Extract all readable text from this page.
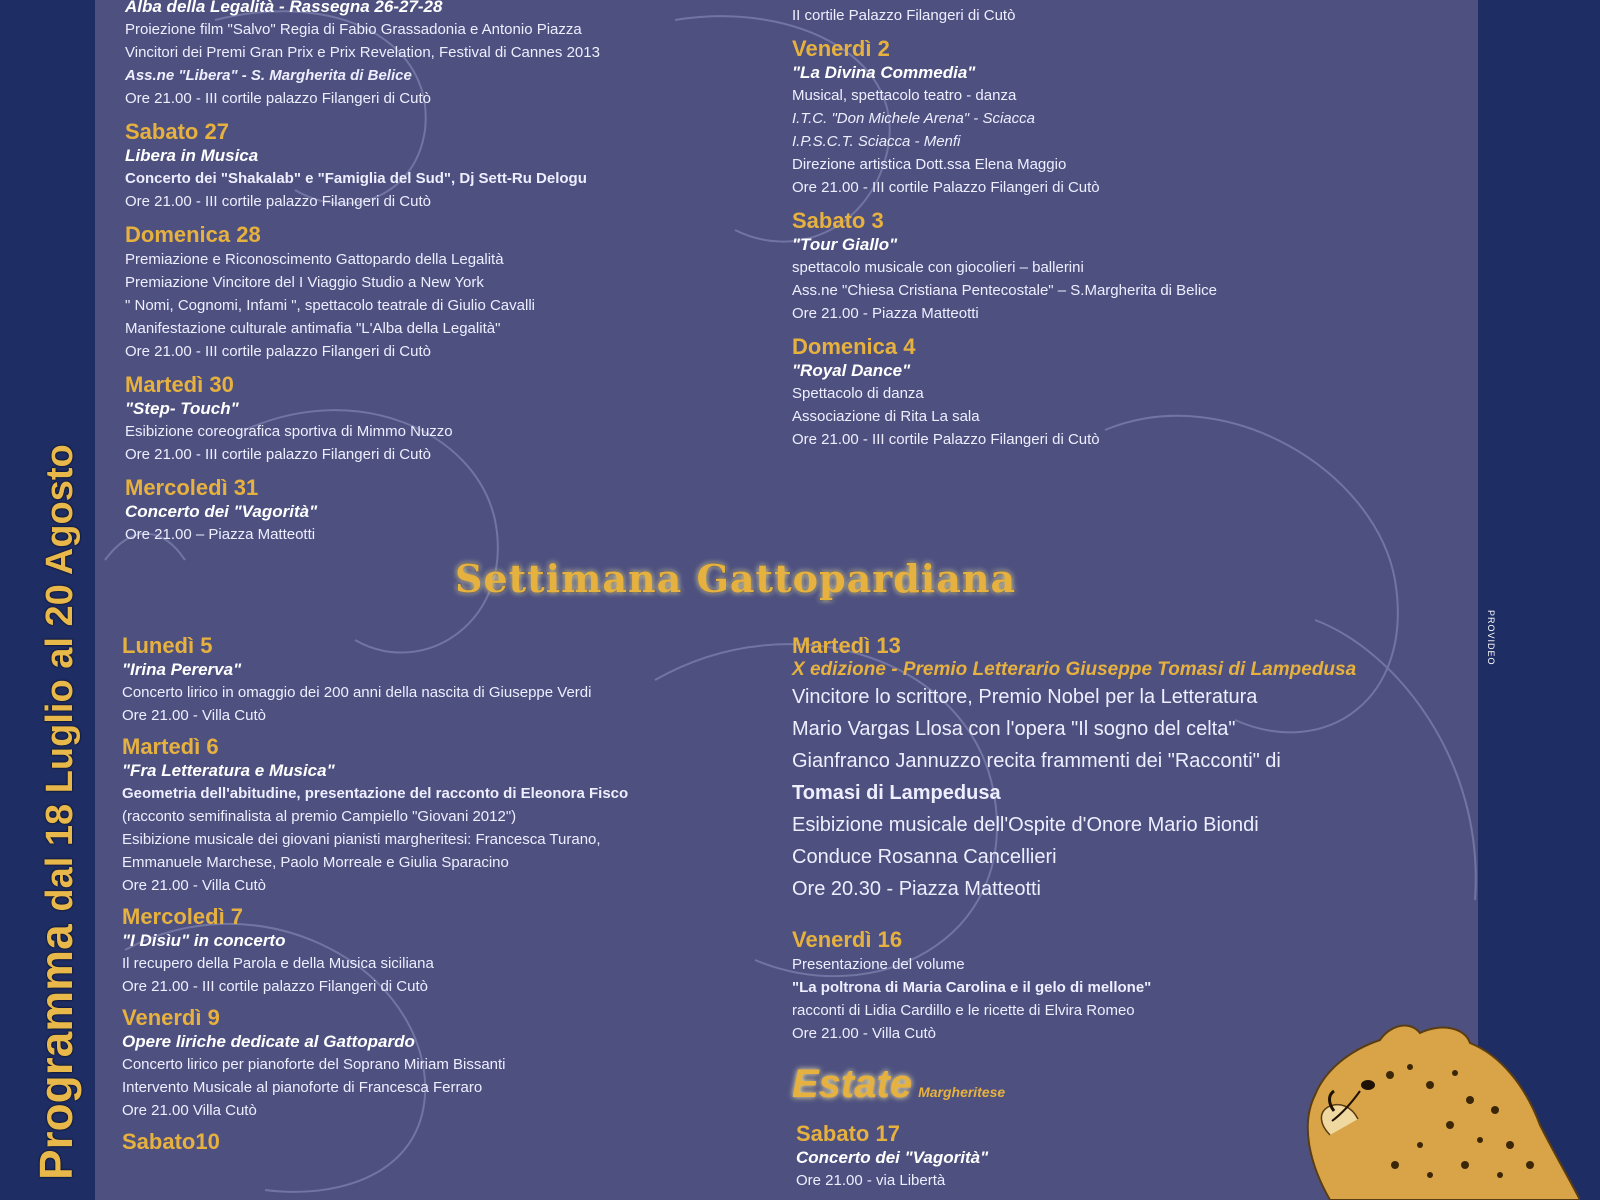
Programma dal 18 Luglio al 20 Agosto
Alba della Legalità - Rassegna 26-27-28
Proiezione film "Salvo" Regia di Fabio Grassadonia e Antonio Piazza
Vincitori dei Premi Gran Prix e Prix Revelation, Festival di Cannes 2013
Ass.ne "Libera" - S. Margherita di Belice
Ore 21.00 - III cortile palazzo Filangeri di Cutò
Sabato 27
Libera in Musica
Concerto dei "Shakalab" e "Famiglia del Sud", Dj Sett-Ru Delogu
Ore 21.00 - III cortile palazzo Filangeri di Cutò
Domenica 28
Premiazione e Riconoscimento Gattopardo della Legalità
Premiazione Vincitore del I Viaggio Studio a New York
" Nomi, Cognomi, Infami ", spettacolo teatrale di Giulio Cavalli
Manifestazione culturale antimafia "L'Alba della Legalità"
Ore 21.00 - III cortile palazzo Filangeri di Cutò
Martedì 30
"Step- Touch"
Esibizione coreografica sportiva di Mimmo Nuzzo
Ore 21.00 - III cortile palazzo Filangeri di Cutò
Mercoledì 31
Concerto dei "Vagorità"
Ore 21.00 – Piazza Matteotti
II cortile Palazzo Filangeri di Cutò
Venerdì 2
"La Divina Commedia"
Musical, spettacolo teatro - danza
I.T.C. "Don Michele Arena" - Sciacca
I.P.S.C.T. Sciacca - Menfi
Direzione artistica Dott.ssa Elena Maggio
Ore 21.00 - III cortile Palazzo Filangeri di Cutò
Sabato 3
"Tour Giallo"
spettacolo musicale con giocolieri – ballerini
Ass.ne "Chiesa Cristiana Pentecostale" – S.Margherita di Belice
Ore 21.00 - Piazza Matteotti
Domenica 4
"Royal Dance"
Spettacolo di danza
Associazione di Rita La sala
Ore 21.00 - III cortile Palazzo Filangeri di Cutò
Settimana Gattopardiana
PROVIDEO
Lunedì 5
"Irina Pererva"
Concerto lirico in omaggio dei 200 anni della nascita di Giuseppe Verdi
Ore 21.00 - Villa Cutò
Martedì 6
"Fra Letteratura e Musica"
Geometria dell'abitudine, presentazione del racconto di Eleonora Fisco
(racconto semifinalista al premio Campiello "Giovani 2012")
Esibizione musicale dei giovani pianisti margheritesi: Francesca Turano,
Emmanuele Marchese, Paolo Morreale e Giulia Sparacino
Ore 21.00 - Villa Cutò
Mercoledì 7
"I Disìu" in concerto
Il recupero della Parola e della Musica siciliana
Ore 21.00 - III cortile palazzo Filangeri di Cutò
Venerdì 9
Opere liriche dedicate al Gattopardo
Concerto lirico per pianoforte del Soprano Miriam Bissanti
Intervento Musicale al pianoforte di Francesca Ferraro
Ore 21.00 Villa Cutò
Sabato10
Martedì 13
X edizione - Premio Letterario Giuseppe Tomasi di Lampedusa
Vincitore lo scrittore, Premio Nobel per la Letteratura
Mario Vargas Llosa con l'opera "Il sogno del celta"
Gianfranco Jannuzzo recita frammenti dei "Racconti" di
Tomasi di Lampedusa
Esibizione musicale dell'Ospite d'Onore Mario Biondi
Conduce Rosanna Cancellieri
Ore 20.30 - Piazza Matteotti
Venerdì 16
Presentazione del volume
"La poltrona di Maria Carolina e il gelo di mellone"
racconti di Lidia Cardillo e le ricette di Elvira Romeo
Ore 21.00 - Villa Cutò
Estate Margheritese
Sabato 17
Concerto dei "Vagorità"
Ore 21.00 - via Libertà
